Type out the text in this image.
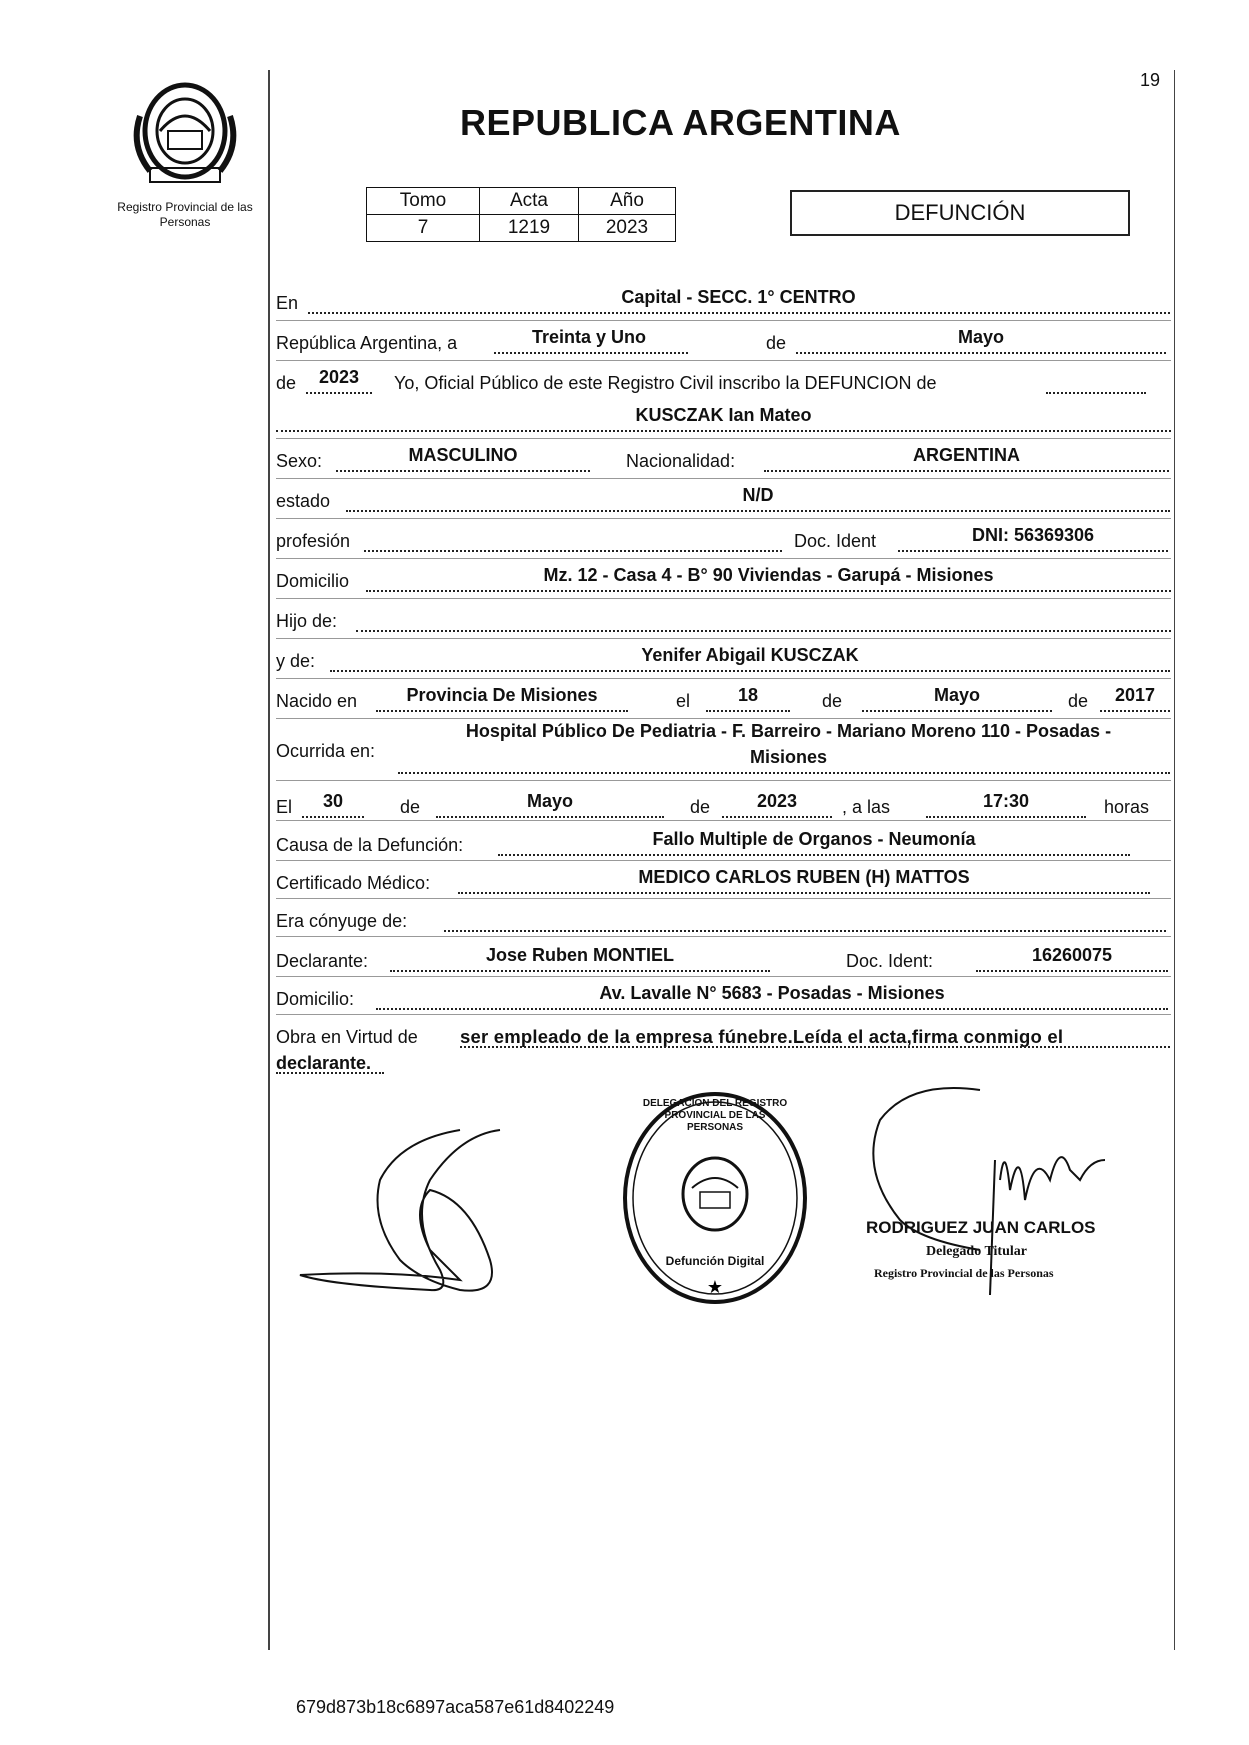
Registro Provincial de las Personas
19
REPUBLICA ARGENTINA
Tomo	Acta	Año
7	1219	2023
DEFUNCIÓN
En	Capital - SECC. 1° CENTRO
República Argentina, a	Treinta y Uno	de	Mayo
de	2023	Yo, Oficial Público de este Registro Civil inscribo la DEFUNCION de
KUSCZAK Ian Mateo
Sexo:	MASCULINO	Nacionalidad:	ARGENTINA
estado	N/D
profesión	Doc. Ident	DNI: 56369306
Domicilio	Mz. 12 - Casa 4 - B° 90 Viviendas - Garupá - Misiones
Hijo de:
y de:	Yenifer Abigail KUSCZAK
Nacido en	Provincia De Misiones	el	18	de	Mayo	de	2017
Ocurrida en:
Hospital Público De Pediatria - F. Barreiro - Mariano Moreno 110 - Posadas -
Misiones
El	30	de	Mayo	de	2023	, a las	17:30	horas
Causa de la Defunción:	Fallo Multiple de Organos - Neumonía
Certificado Médico:	MEDICO CARLOS RUBEN (H) MATTOS
Era cónyuge de:
Declarante:	Jose Ruben MONTIEL	Doc. Ident:	16260075
Domicilio:	Av. Lavalle N° 5683 - Posadas - Misiones
Obra en Virtud de ser empleado de la empresa fúnebre.Leída el acta,firma conmigo el
declarante.
★
DELEGACION DEL REGISTRO PROVINCIAL DE LAS PERSONAS
Defunción Digital
RODRIGUEZ JUAN CARLOS
Delegado Titular
Registro Provincial de las Personas
679d873b18c6897aca587e61d8402249
